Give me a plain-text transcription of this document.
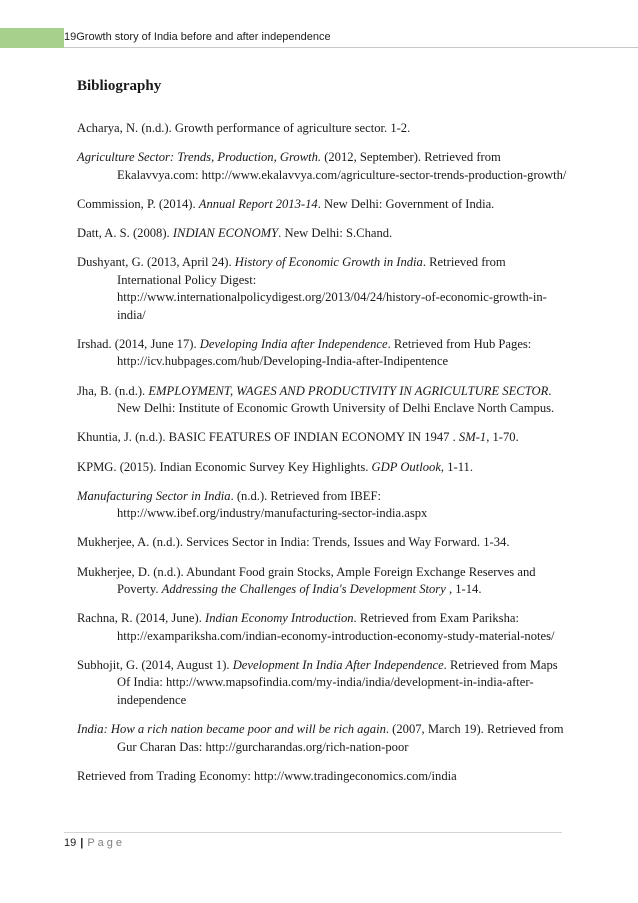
19Growth story of India before and after independence
Bibliography

Acharya, N. (n.d.). Growth performance of agriculture sector. 1-2.

Agriculture Sector: Trends, Production, Growth. (2012, September). Retrieved from Ekalavvya.com: http://www.ekalavvya.com/agriculture-sector-trends-production-growth/

Commission, P. (2014). Annual Report 2013-14. New Delhi: Government of India.

Datt, A. S. (2008). INDIAN ECONOMY. New Delhi: S.Chand.

Dushyant, G. (2013, April 24). History of Economic Growth in India. Retrieved from International Policy Digest: http://www.internationalpolicydigest.org/2013/04/24/history-of-economic-growth-in-india/

Irshad. (2014, June 17). Developing India after Independence. Retrieved from Hub Pages: http://icv.hubpages.com/hub/Developing-India-after-Indipentence

Jha, B. (n.d.). EMPLOYMENT, WAGES AND PRODUCTIVITY IN AGRICULTURE SECTOR. New Delhi: Institute of Economic Growth University of Delhi Enclave North Campus.

Khuntia, J. (n.d.). BASIC FEATURES OF INDIAN ECONOMY IN 1947 . SM-1, 1-70.

KPMG. (2015). Indian Economic Survey Key Highlights. GDP Outlook, 1-11.

Manufacturing Sector in India. (n.d.). Retrieved from IBEF: http://www.ibef.org/industry/manufacturing-sector-india.aspx

Mukherjee, A. (n.d.). Services Sector in India: Trends, Issues and Way Forward. 1-34.

Mukherjee, D. (n.d.). Abundant Food grain Stocks, Ample Foreign Exchange Reserves and Poverty. Addressing the Challenges of India's Development Story , 1-14.

Rachna, R. (2014, June). Indian Economy Introduction. Retrieved from Exam Pariksha: http://exampariksha.com/indian-economy-introduction-economy-study-material-notes/

Subhojit, G. (2014, August 1). Development In India After Independence. Retrieved from Maps Of India: http://www.mapsofindia.com/my-india/india/development-in-india-after-independence

India: How a rich nation became poor and will be rich again. (2007, March 19). Retrieved from Gur Charan Das: http://gurcharandas.org/rich-nation-poor

Retrieved from Trading Economy: http://www.tradingeconomics.com/india

19 | Page
